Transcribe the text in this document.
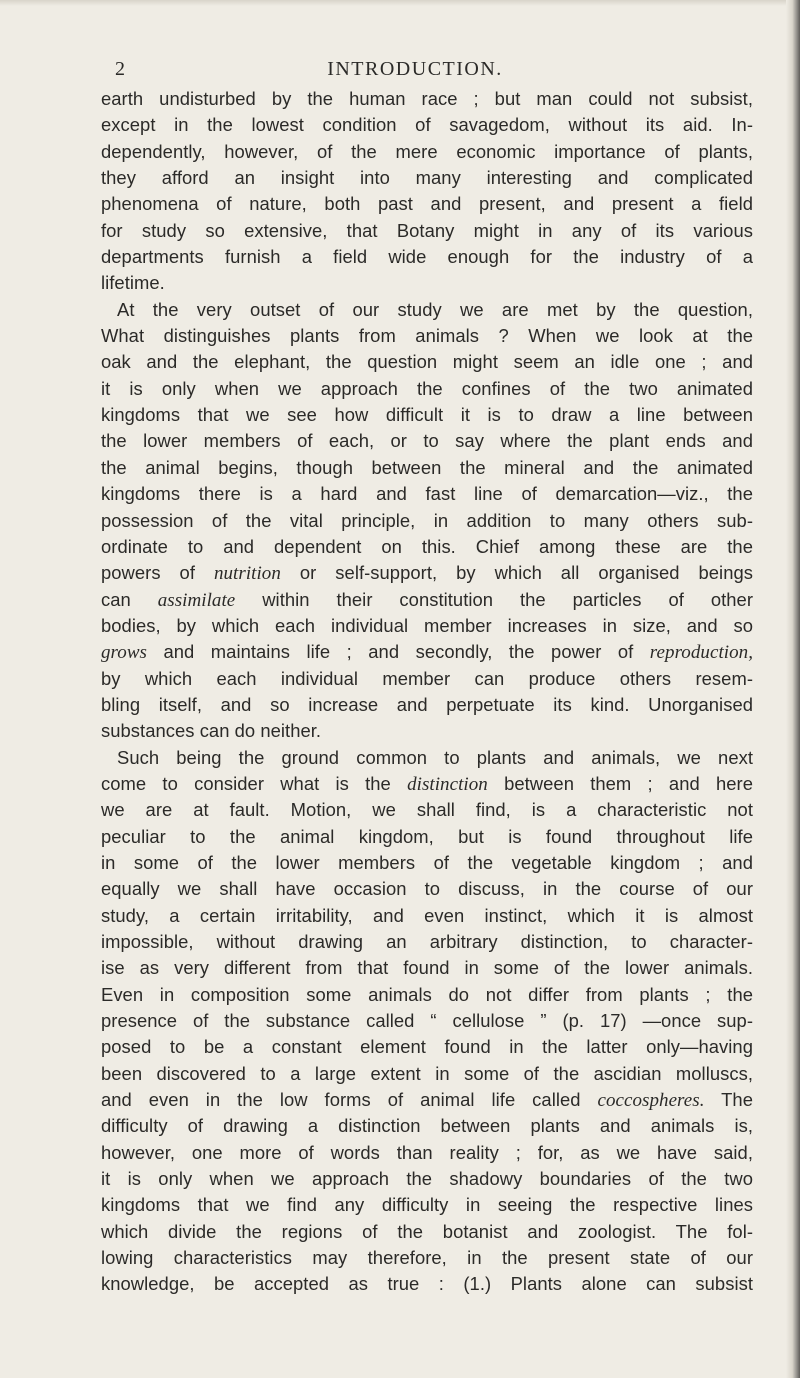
2	INTRODUCTION.
earth undisturbed by the human race ; but man could not subsist,
except in the lowest condition of savagedom, without its aid. In-
dependently, however, of the mere economic importance of plants,
they afford an insight into many interesting and complicated
phenomena of nature, both past and present, and present a field
for study so extensive, that Botany might in any of its various
departments furnish a field wide enough for the industry of a
lifetime.
At the very outset of our study we are met by the question,
What distinguishes plants from animals ? When we look at the
oak and the elephant, the question might seem an idle one ; and
it is only when we approach the confines of the two animated
kingdoms that we see how difficult it is to draw a line between
the lower members of each, or to say where the plant ends and
the animal begins, though between the mineral and the animated
kingdoms there is a hard and fast line of demarcation—viz., the
possession of the vital principle, in addition to many others sub-
ordinate to and dependent on this. Chief among these are the
powers of nutrition or self-support, by which all organised beings
can assimilate within their constitution the particles of other
bodies, by which each individual member increases in size, and so
grows and maintains life ; and secondly, the power of reproduction,
by which each individual member can produce others resem-
bling itself, and so increase and perpetuate its kind. Unorganised
substances can do neither.
Such being the ground common to plants and animals, we next
come to consider what is the distinction between them ; and here
we are at fault. Motion, we shall find, is a characteristic not
peculiar to the animal kingdom, but is found throughout life
in some of the lower members of the vegetable kingdom ; and
equally we shall have occasion to discuss, in the course of our
study, a certain irritability, and even instinct, which it is almost
impossible, without drawing an arbitrary distinction, to character-
ise as very different from that found in some of the lower animals.
Even in composition some animals do not differ from plants ; the
presence of the substance called “ cellulose ” (p. 17) —once sup-
posed to be a constant element found in the latter only—having
been discovered to a large extent in some of the ascidian molluscs,
and even in the low forms of animal life called coccospheres. The
difficulty of drawing a distinction between plants and animals is,
however, one more of words than reality ; for, as we have said,
it is only when we approach the shadowy boundaries of the two
kingdoms that we find any difficulty in seeing the respective lines
which divide the regions of the botanist and zoologist. The fol-
lowing characteristics may therefore, in the present state of our
knowledge, be accepted as true : (1.) Plants alone can subsist
